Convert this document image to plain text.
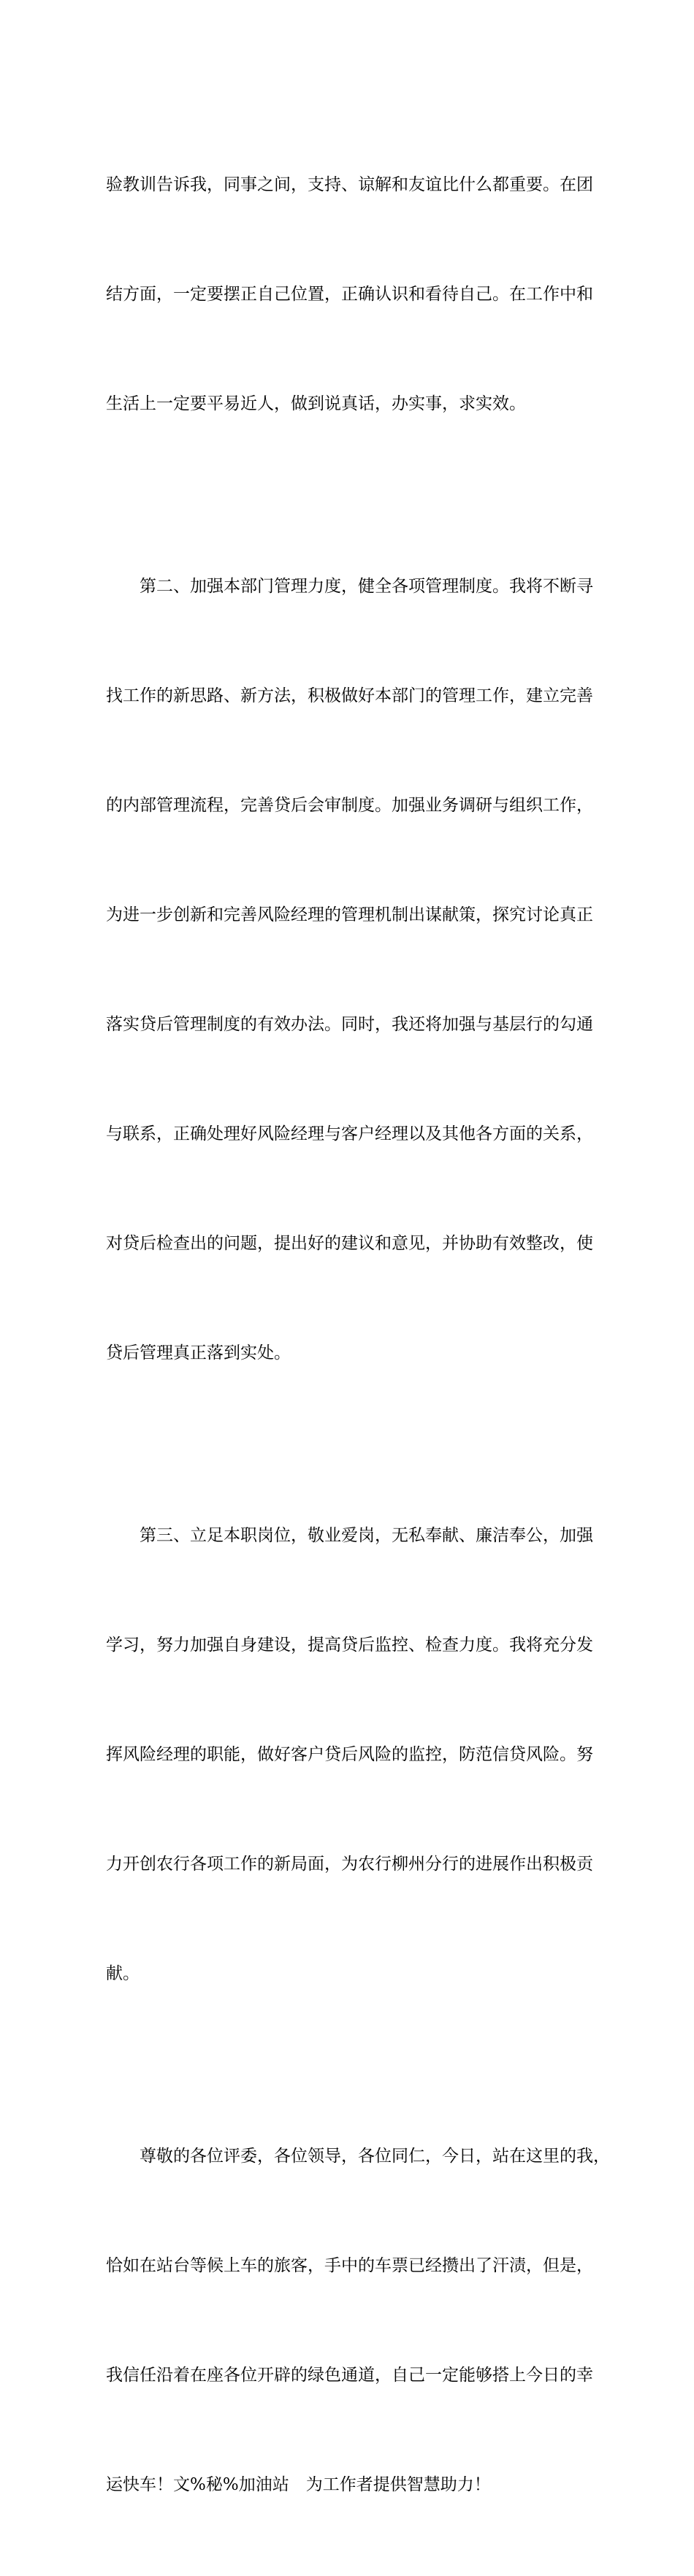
验教训告诉我，同事之间，支持、谅解和友谊比什么都重要。在团

结方面，一定要摆正自己位置，正确认识和看待自己。在工作中和

生活上一定要平易近人，做到说真话，办实事，求实效。

　　第二、加强本部门管理力度，健全各项管理制度。我将不断寻

找工作的新思路、新方法，积极做好本部门的管理工作，建立完善

的内部管理流程，完善贷后会审制度。加强业务调研与组织工作，

为进一步创新和完善风险经理的管理机制出谋献策，探究讨论真正

落实贷后管理制度的有效办法。同时，我还将加强与基层行的勾通

与联系，正确处理好风险经理与客户经理以及其他各方面的关系，

对贷后检查出的问题，提出好的建议和意见，并协助有效整改，使

贷后管理真正落到实处。

　　第三、立足本职岗位，敬业爱岗，无私奉献、廉洁奉公，加强

学习，努力加强自身建设，提高贷后监控、检查力度。我将充分发

挥风险经理的职能，做好客户贷后风险的监控，防范信贷风险。努

力开创农行各项工作的新局面，为农行柳州分行的进展作出积极贡

献。

　　尊敬的各位评委，各位领导，各位同仁，今日，站在这里的我，

恰如在站台等候上车的旅客，手中的车票已经攒出了汗渍，但是，

我信任沿着在座各位开辟的绿色通道，自己一定能够搭上今日的幸

运快车！文%秘%加油站　为工作者提供智慧助力！
